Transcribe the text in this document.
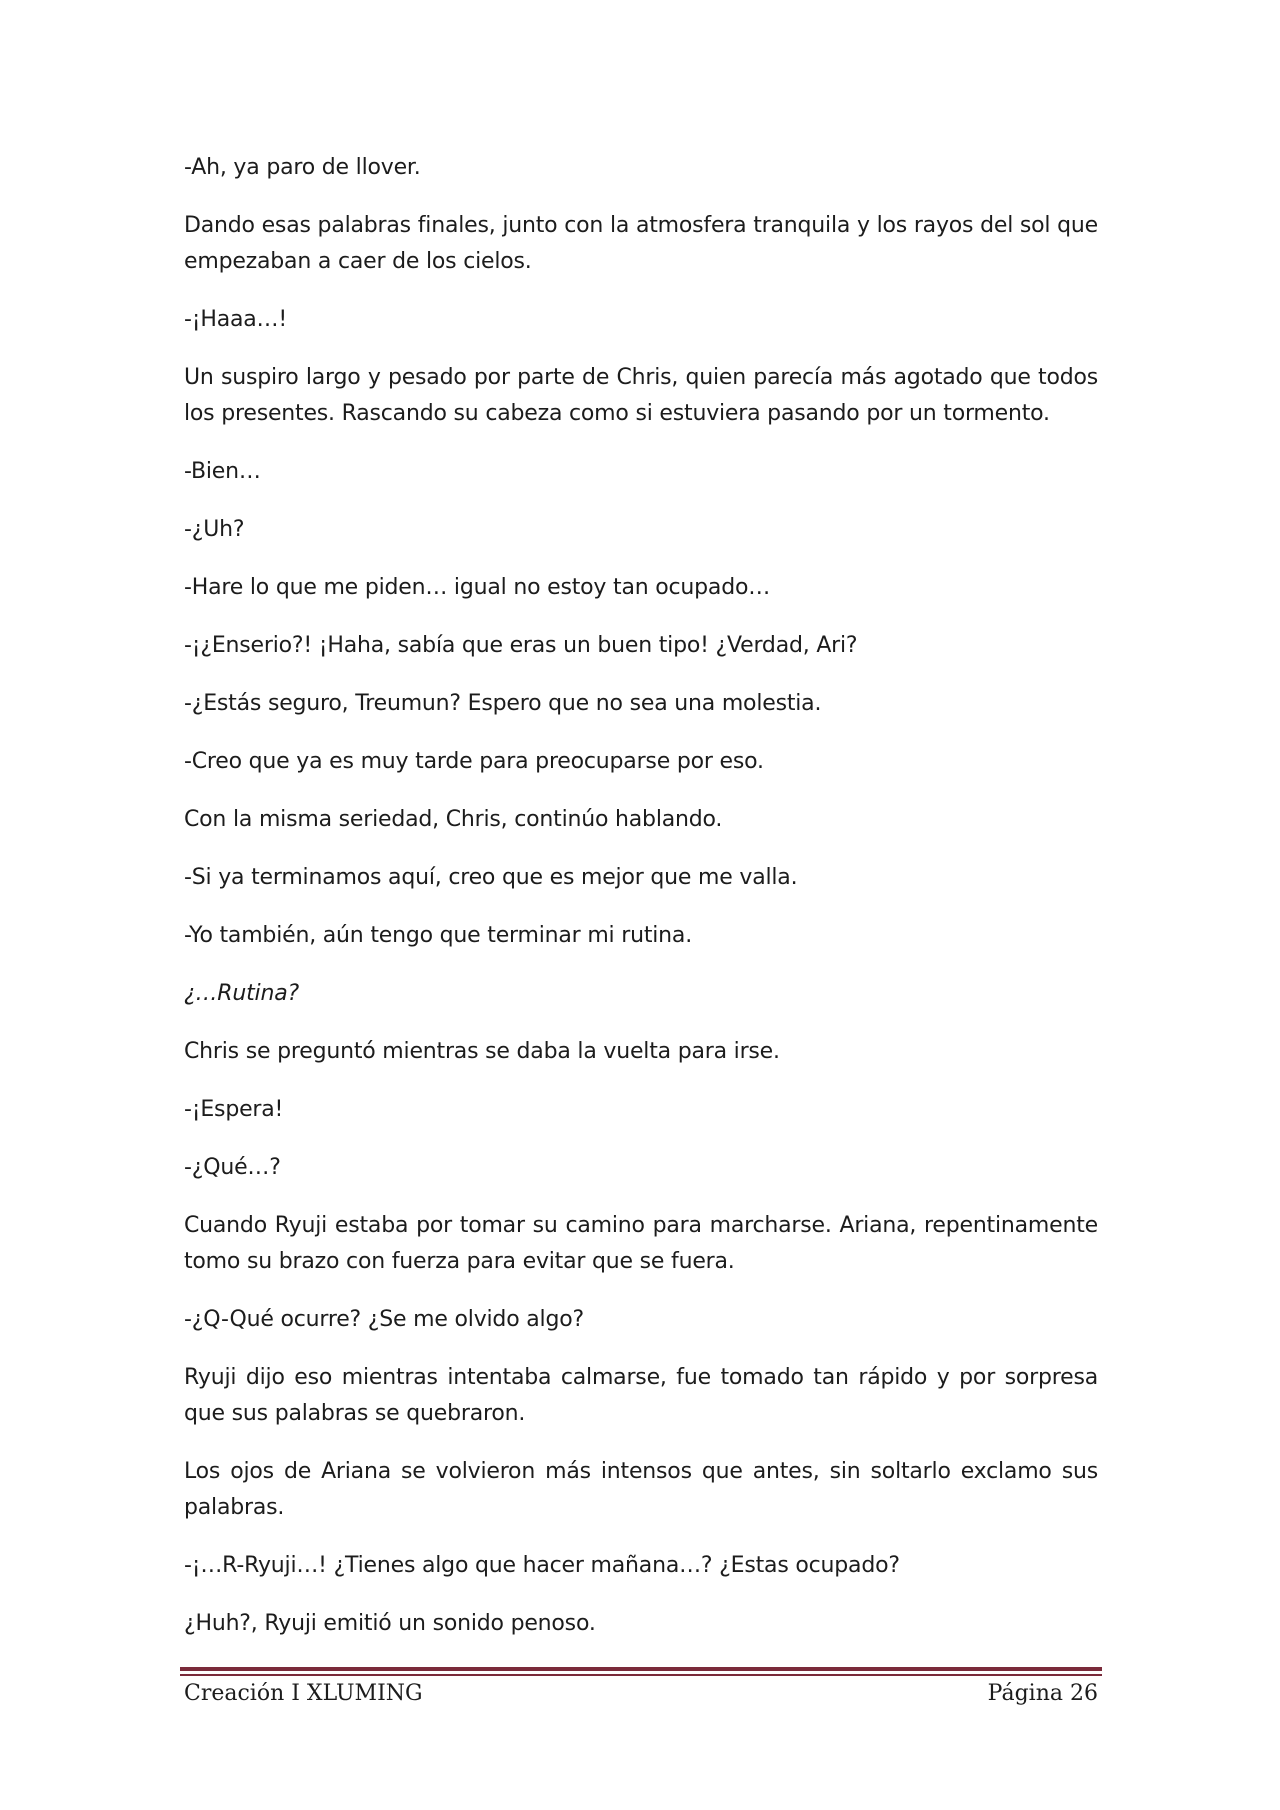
-Ah, ya paro de llover.

Dando esas palabras finales, junto con la atmosfera tranquila y los rayos del sol que empezaban a caer de los cielos.

-¡Haaa…!

Un suspiro largo y pesado por parte de Chris, quien parecía más agotado que todos los presentes. Rascando su cabeza como si estuviera pasando por un tormento.

-Bien…

-¿Uh?

-Hare lo que me piden… igual no estoy tan ocupado…

-¡¿Enserio?! ¡Haha, sabía que eras un buen tipo! ¿Verdad, Ari?

-¿Estás seguro, Treumun? Espero que no sea una molestia.

-Creo que ya es muy tarde para preocuparse por eso.

Con la misma seriedad, Chris, continúo hablando.

-Si ya terminamos aquí, creo que es mejor que me valla.

-Yo también, aún tengo que terminar mi rutina.

¿…Rutina?

Chris se preguntó mientras se daba la vuelta para irse.

-¡Espera!

-¿Qué…?

Cuando Ryuji estaba por tomar su camino para marcharse. Ariana, repentinamente tomo su brazo con fuerza para evitar que se fuera.

-¿Q-Qué ocurre? ¿Se me olvido algo?

Ryuji dijo eso mientras intentaba calmarse, fue tomado tan rápido y por sorpresa que sus palabras se quebraron.

Los ojos de Ariana se volvieron más intensos que antes, sin soltarlo exclamo sus palabras.

-¡…R-Ryuji…! ¿Tienes algo que hacer mañana…? ¿Estas ocupado?

¿Huh?, Ryuji emitió un sonido penoso.

Creación I XLUMING	Página 26
